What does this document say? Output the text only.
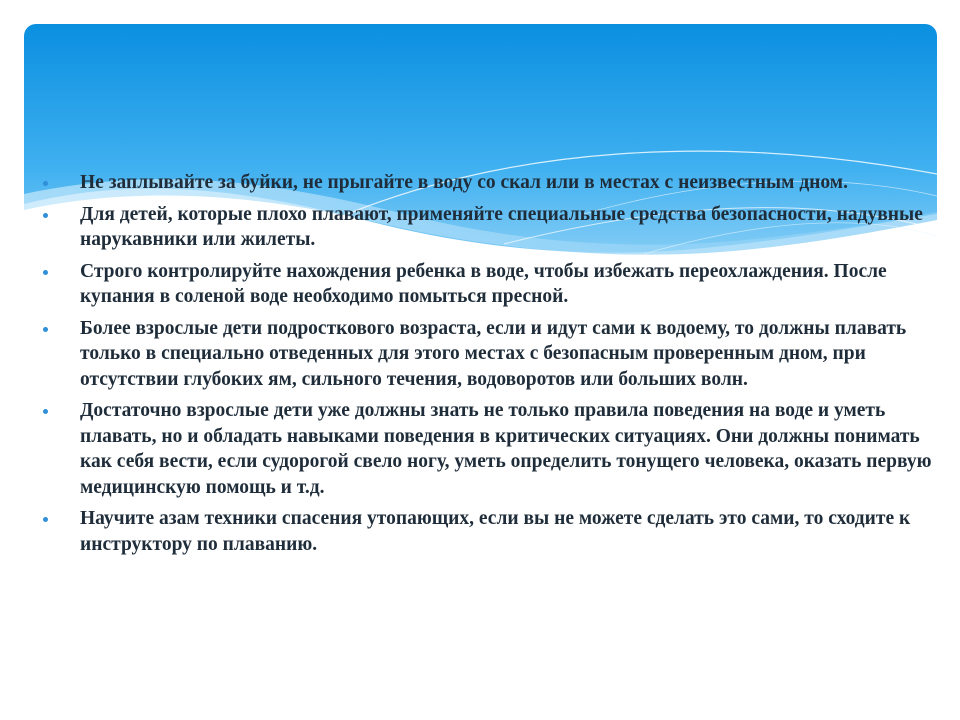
Не заплывайте за буйки, не прыгайте в воду со скал или в местах с неизвестным дном.
Для детей, которые плохо плавают, применяйте специальные средства безопасности, надувные нарукавники или жилеты.
Строго контролируйте нахождения ребенка в воде, чтобы избежать переохлаждения. После купания в соленой воде необходимо помыться пресной.
Более взрослые дети подросткового возраста, если и идут сами к водоему, то должны плавать только в специально отведенных для этого местах с безопасным проверенным дном, при отсутствии глубоких ям, сильного течения, водоворотов или больших волн.
Достаточно взрослые дети уже должны знать не только правила поведения на воде и уметь плавать, но и обладать навыками поведения в критических ситуациях. Они должны понимать как себя вести, если судорогой свело ногу, уметь определить тонущего человека, оказать первую медицинскую помощь и т.д.
Научите азам техники спасения утопающих, если вы не можете сделать это сами, то сходите к инструктору по плаванию.
